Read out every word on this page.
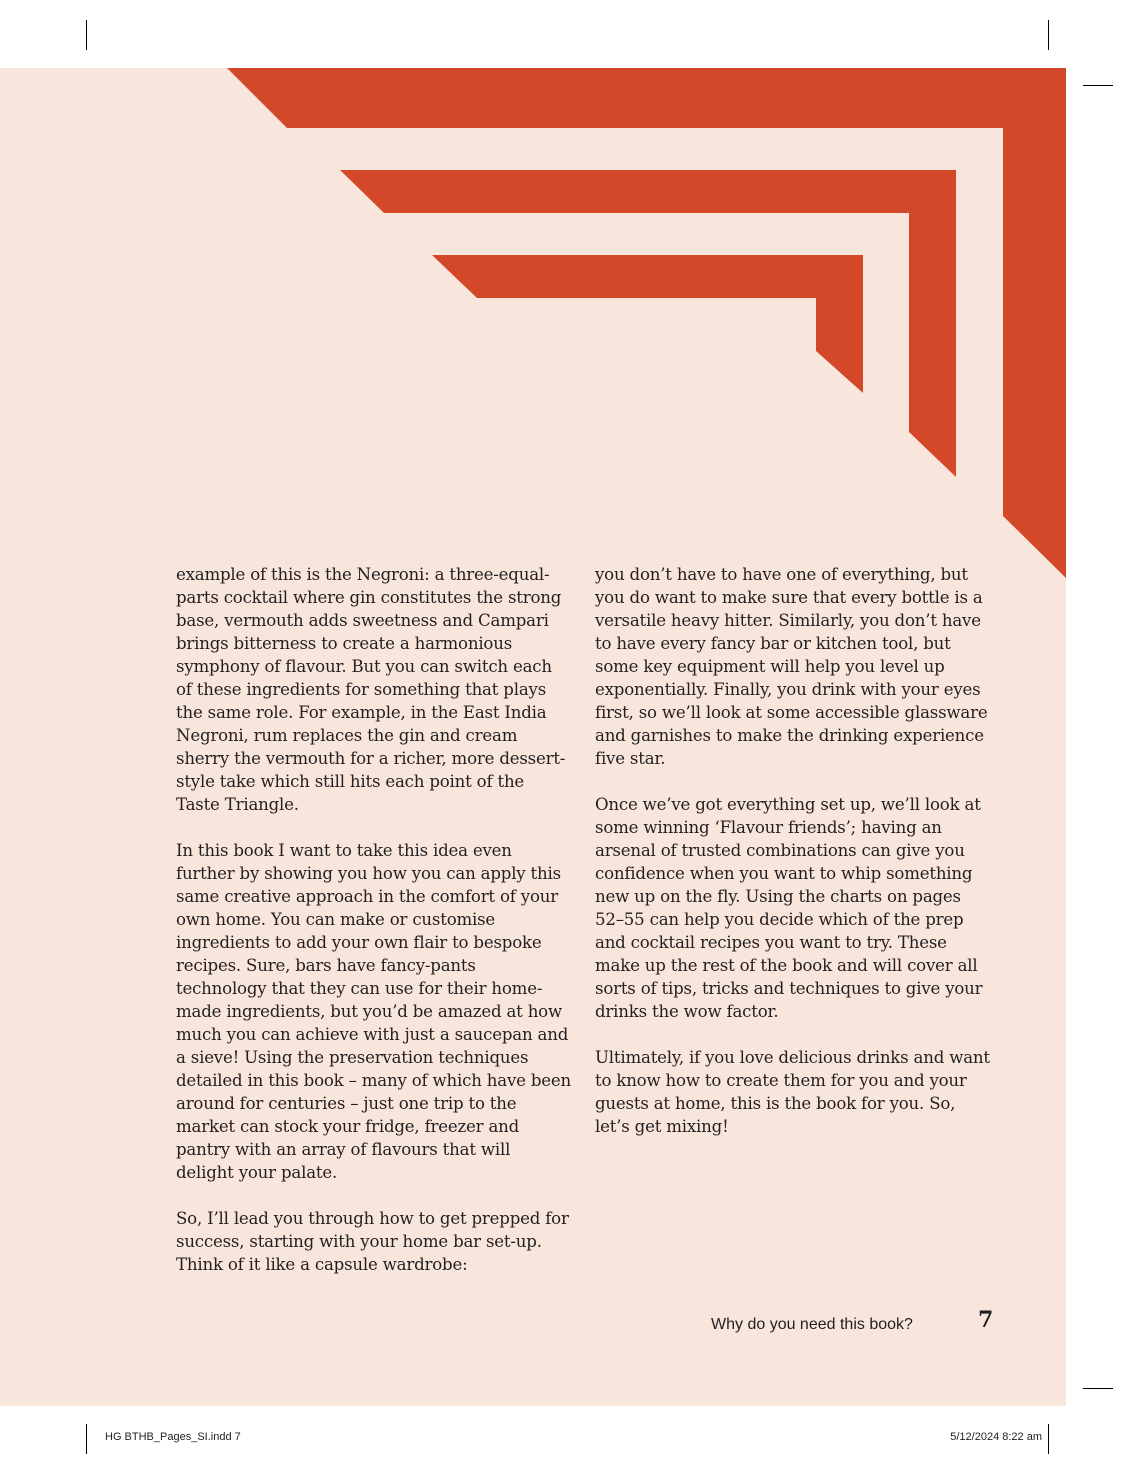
example of this is the Negroni: a three-equal-parts cocktail where gin constitutes the strong base, vermouth adds sweetness and Campari brings bitterness to create a harmonious symphony of flavour. But you can switch each of these ingredients for something that plays the same role. For example, in the East India Negroni, rum replaces the gin and cream sherry the vermouth for a richer, more dessert-style take which still hits each point of the Taste Triangle.

In this book I want to take this idea even further by showing you how you can apply this same creative approach in the comfort of your own home. You can make or customise ingredients to add your own flair to bespoke recipes. Sure, bars have fancy-pants technology that they can use for their home-made ingredients, but you’d be amazed at how much you can achieve with just a saucepan and a sieve! Using the preservation techniques detailed in this book – many of which have been around for centuries – just one trip to the market can stock your fridge, freezer and pantry with an array of flavours that will delight your palate.

So, I’ll lead you through how to get prepped for success, starting with your home bar set-up. Think of it like a capsule wardrobe:

you don’t have to have one of everything, but you do want to make sure that every bottle is a versatile heavy hitter. Similarly, you don’t have to have every fancy bar or kitchen tool, but some key equipment will help you level up exponentially. Finally, you drink with your eyes first, so we’ll look at some accessible glassware and garnishes to make the drinking experience five star.

Once we’ve got everything set up, we’ll look at some winning ‘Flavour friends’; having an arsenal of trusted combinations can give you confidence when you want to whip something new up on the fly. Using the charts on pages 52–55 can help you decide which of the prep and cocktail recipes you want to try. These make up the rest of the book and will cover all sorts of tips, tricks and techniques to give your drinks the wow factor.

Ultimately, if you love delicious drinks and want to know how to create them for you and your guests at home, this is the book for you. So, let’s get mixing!

Why do you need this book?	7
HG BTHB_Pages_SI.indd 7	5/12/2024 8:22 am
